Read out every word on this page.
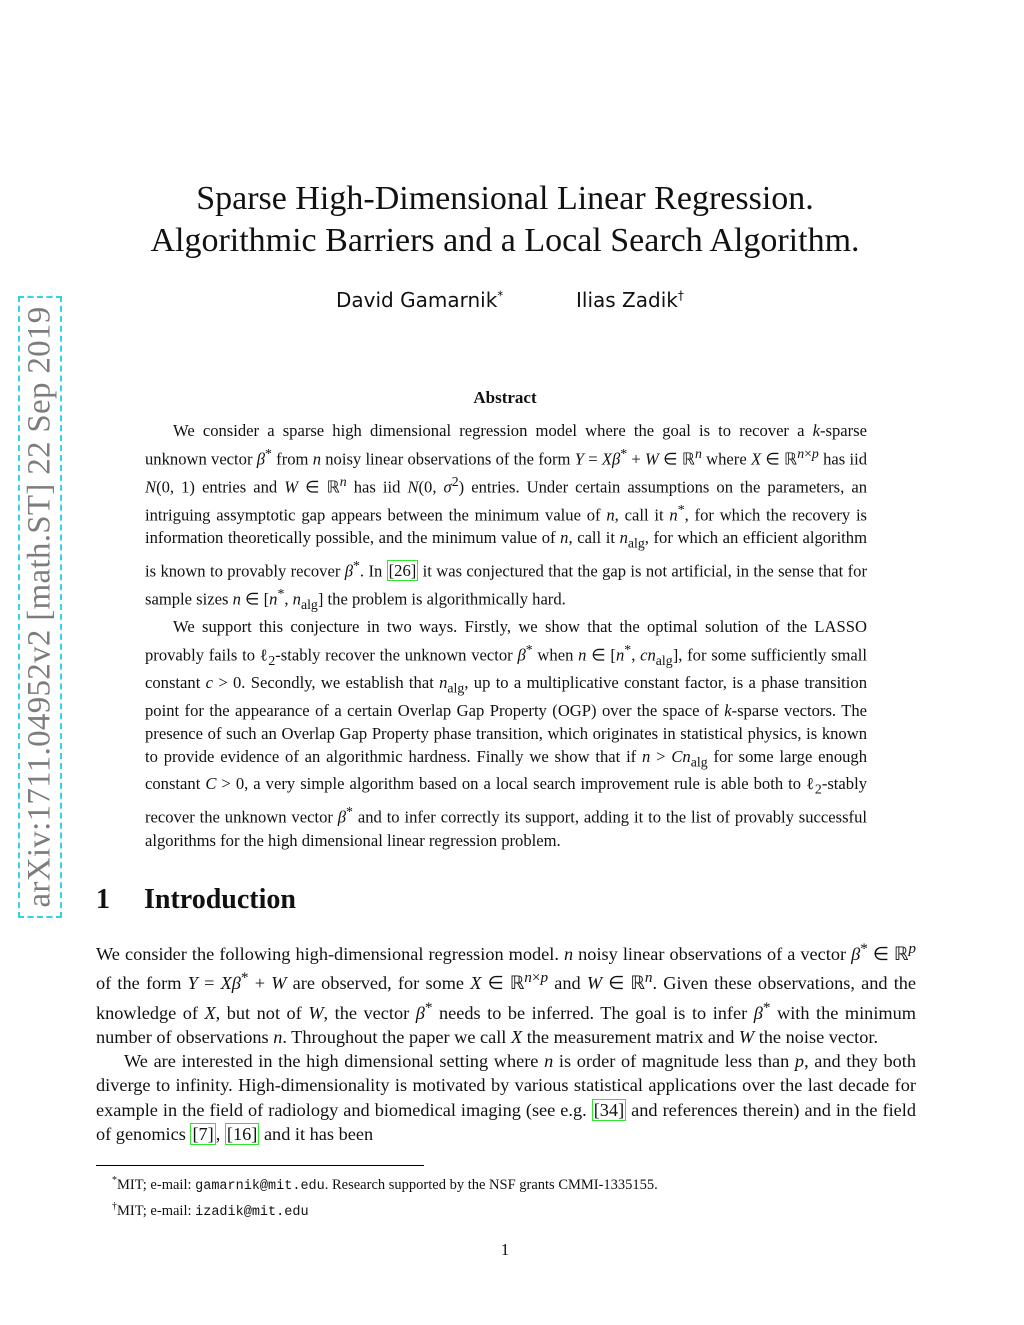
arXiv:1711.04952v2 [math.ST] 22 Sep 2019
Sparse High-Dimensional Linear Regression.
Algorithmic Barriers and a Local Search Algorithm.
David Gamarnik*	Ilias Zadik†
Abstract

We consider a sparse high dimensional regression model where the goal is to recover a k-sparse unknown vector β* from n noisy linear observations of the form Y = Xβ* + W ∈ ℝ$^n$ where X ∈ ℝ$^{n\times p}$ has iid N(0, 1) entries and W ∈ ℝ$^n$ has iid N(0, $\sigma^2$) entries. Under certain assumptions on the parameters, an intriguing assymptotic gap appears between the minimum value of n, call it n*, for which the recovery is information theoretically possible, and the minimum value of n, call it $n_{alg}$, for which an efficient algorithm is known to provably recover β*. In [26] it was conjectured that the gap is not artificial, in the sense that for sample sizes n ∈ [n*, $n_{alg}$] the problem is algorithmically hard.

We support this conjecture in two ways. Firstly, we show that the optimal solution of the LASSO provably fails to ℓ$_2$-stably recover the unknown vector β* when n ∈ [n*, $cn_{alg}$], for some sufficiently small constant c > 0. Secondly, we establish that $n_{alg}$, up to a multiplicative constant factor, is a phase transition point for the appearance of a certain Overlap Gap Property (OGP) over the space of k-sparse vectors. The presence of such an Overlap Gap Property phase transition, which originates in statistical physics, is known to provide evidence of an algorithmic hardness. Finally we show that if $n > Cn_{alg}$ for some large enough constant C > 0, a very simple algorithm based on a local search improvement rule is able both to ℓ$_2$-stably recover the unknown vector β* and to infer correctly its support, adding it to the list of provably successful algorithms for the high dimensional linear regression problem.

1 Introduction

We consider the following high-dimensional regression model. n noisy linear observations of a vector β* ∈ ℝ$^p$ of the form Y = Xβ* + W are observed, for some X ∈ ℝ$^{n\times p}$ and W ∈ ℝ$^n$. Given these observations, and the knowledge of X, but not of W, the vector β* needs to be inferred. The goal is to infer β* with the minimum number of observations n. Throughout the paper we call X the measurement matrix and W the noise vector.

We are interested in the high dimensional setting where n is order of magnitude less than p, and they both diverge to infinity. High-dimensionality is motivated by various statistical applications over the last decade for example in the field of radiology and biomedical imaging (see e.g. [34] and references therein) and in the field of genomics [7] , [16] and it has been

*MIT; e-mail: gamarnik@mit.edu. Research supported by the NSF grants CMMI-1335155.
†MIT; e-mail: izadik@mit.edu
1
